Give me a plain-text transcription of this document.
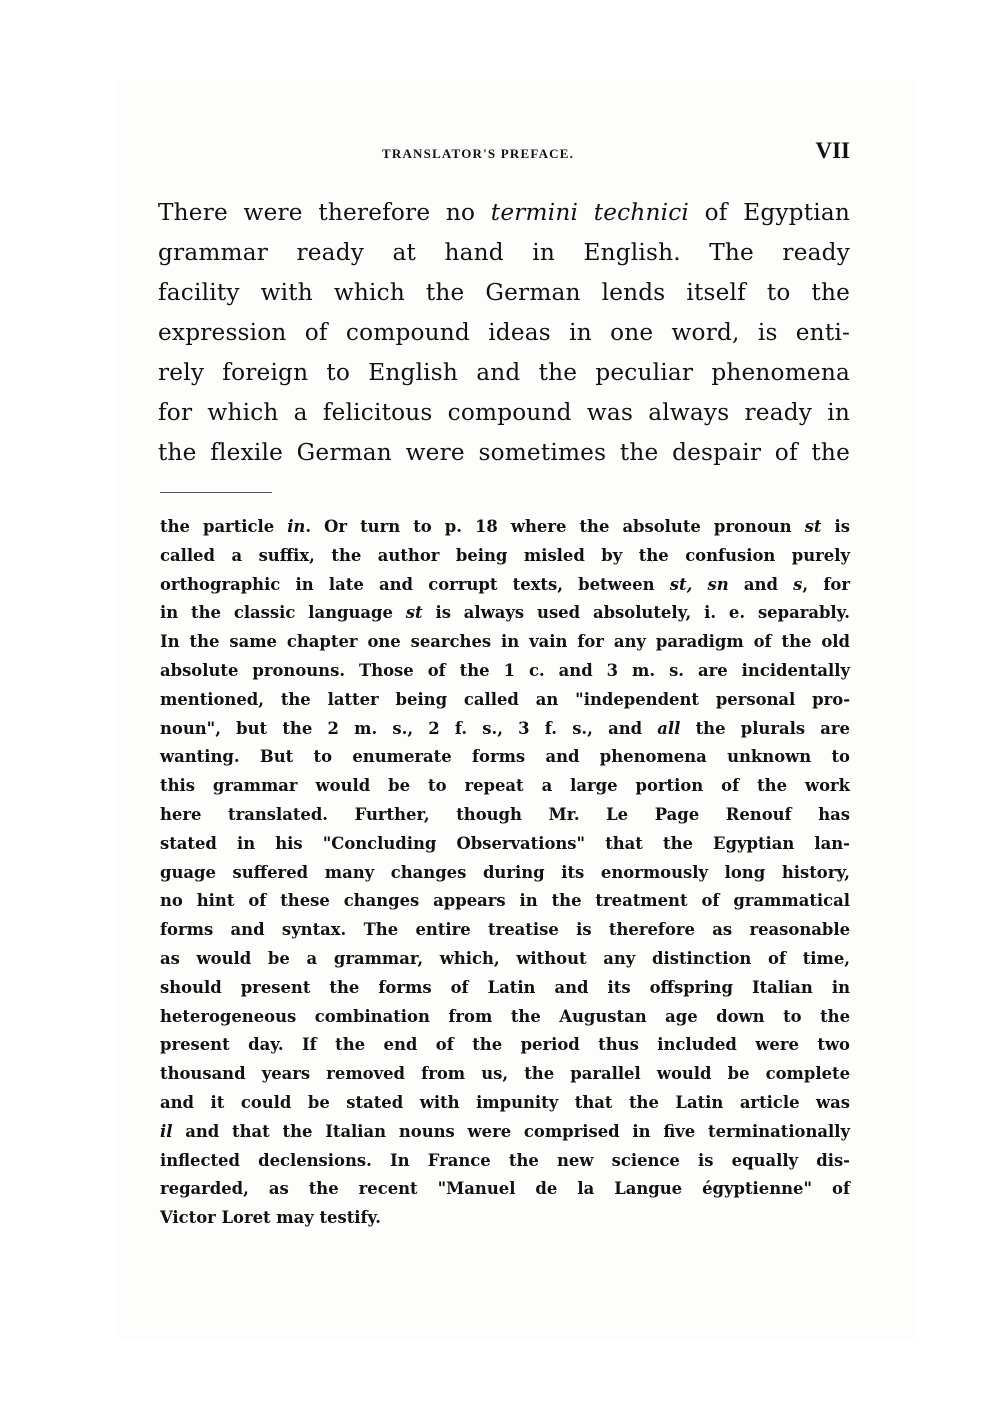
TRANSLATOR'S PREFACE.	VII
There were therefore no termini technici of Egyptian
grammar ready at hand in English. The ready
facility with which the German lends itself to the
expression of compound ideas in one word, is enti-
rely foreign to English and the peculiar phenomena
for which a felicitous compound was always ready in
the flexile German were sometimes the despair of the
the particle in. Or turn to p. 18 where the absolute pronoun st is
called a suffix, the author being misled by the confusion purely
orthographic in late and corrupt texts, between st, sn and s, for
in the classic language st is always used absolutely, i. e. separably.
In the same chapter one searches in vain for any paradigm of the old
absolute pronouns. Those of the 1 c. and 3 m. s. are incidentally
mentioned, the latter being called an "independent personal pro-
noun", but the 2 m. s., 2 f. s., 3 f. s., and all the plurals are
wanting. But to enumerate forms and phenomena unknown to
this grammar would be to repeat a large portion of the work
here translated. Further, though Mr. Le Page Renouf has
stated in his "Concluding Observations" that the Egyptian lan-
guage suffered many changes during its enormously long history,
no hint of these changes appears in the treatment of grammatical
forms and syntax. The entire treatise is therefore as reasonable
as would be a grammar, which, without any distinction of time,
should present the forms of Latin and its offspring Italian in
heterogeneous combination from the Augustan age down to the
present day. If the end of the period thus included were two
thousand years removed from us, the parallel would be complete
and it could be stated with impunity that the Latin article was
il and that the Italian nouns were comprised in five terminationally
inflected declensions. In France the new science is equally dis-
regarded, as the recent "Manuel de la Langue égyptienne" of
Victor Loret may testify.
